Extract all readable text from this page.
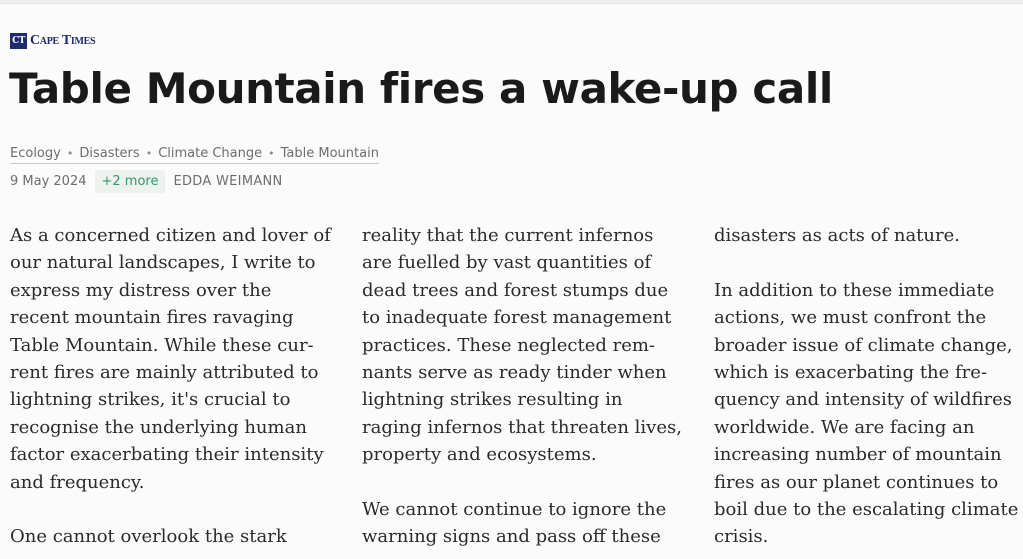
CT Cape Times
Table Mountain fires a wake-up call
Ecology • Disasters • Climate Change • Table Mountain
9 May 2024	+2 more	EDDA WEIMANN
As a concerned citizen and lover of
our natural landscapes, I write to
express my distress over the
recent mountain fires ravaging
Table Mountain. While these cur-
rent fires are mainly attributed to
lightning strikes, it's crucial to
recognise the underlying human
factor exacerbating their intensity
and frequency.

One cannot overlook the stark
reality that the current infernos
are fuelled by vast quantities of
dead trees and forest stumps due
to inadequate forest management
practices. These neglected rem-
nants serve as ready tinder when
lightning strikes resulting in
raging infernos that threaten lives,
property and ecosystems.

We cannot continue to ignore the
warning signs and pass off these
disasters as acts of nature.

In addition to these immediate
actions, we must confront the
broader issue of climate change,
which is exacerbating the fre-
quency and intensity of wildfires
worldwide. We are facing an
increasing number of mountain
fires as our planet continues to
boil due to the escalating climate
crisis.
